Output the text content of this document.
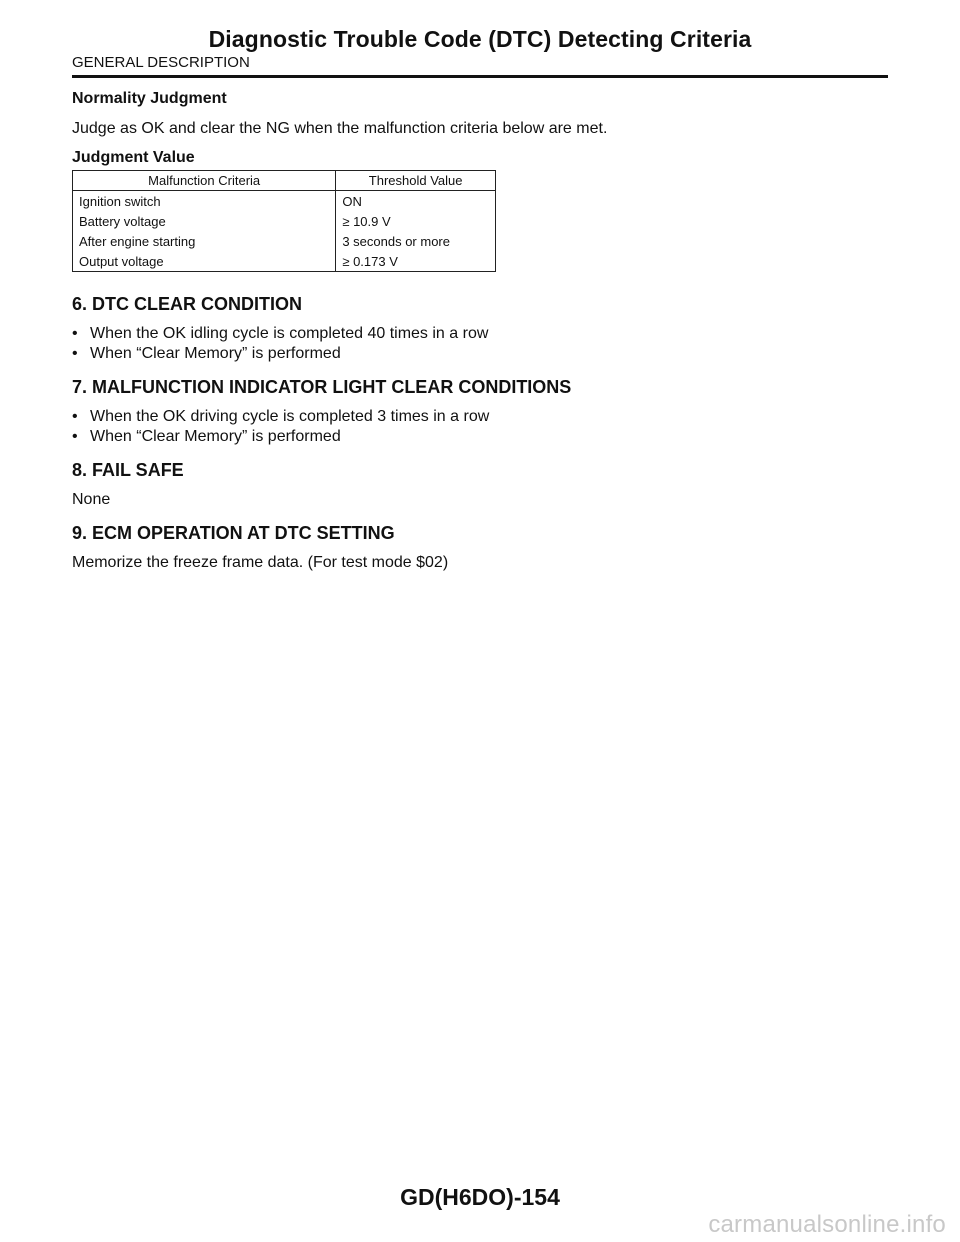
Diagnostic Trouble Code (DTC) Detecting Criteria
GENERAL DESCRIPTION

Normality Judgment

Judge as OK and clear the NG when the malfunction criteria below are met.

Judgment Value

Malfunction Criteria	Threshold Value
Ignition switch	ON
Battery voltage	≥ 10.9 V
After engine starting	3 seconds or more
Output voltage	≥ 0.173 V

6. DTC CLEAR CONDITION

• When the OK idling cycle is completed 40 times in a row
• When “Clear Memory” is performed

7. MALFUNCTION INDICATOR LIGHT CLEAR CONDITIONS

• When the OK driving cycle is completed 3 times in a row
• When “Clear Memory” is performed

8. FAIL SAFE

None

9. ECM OPERATION AT DTC SETTING

Memorize the freeze frame data. (For test mode $02)

GD(H6DO)-154
carmanualsonline.info
